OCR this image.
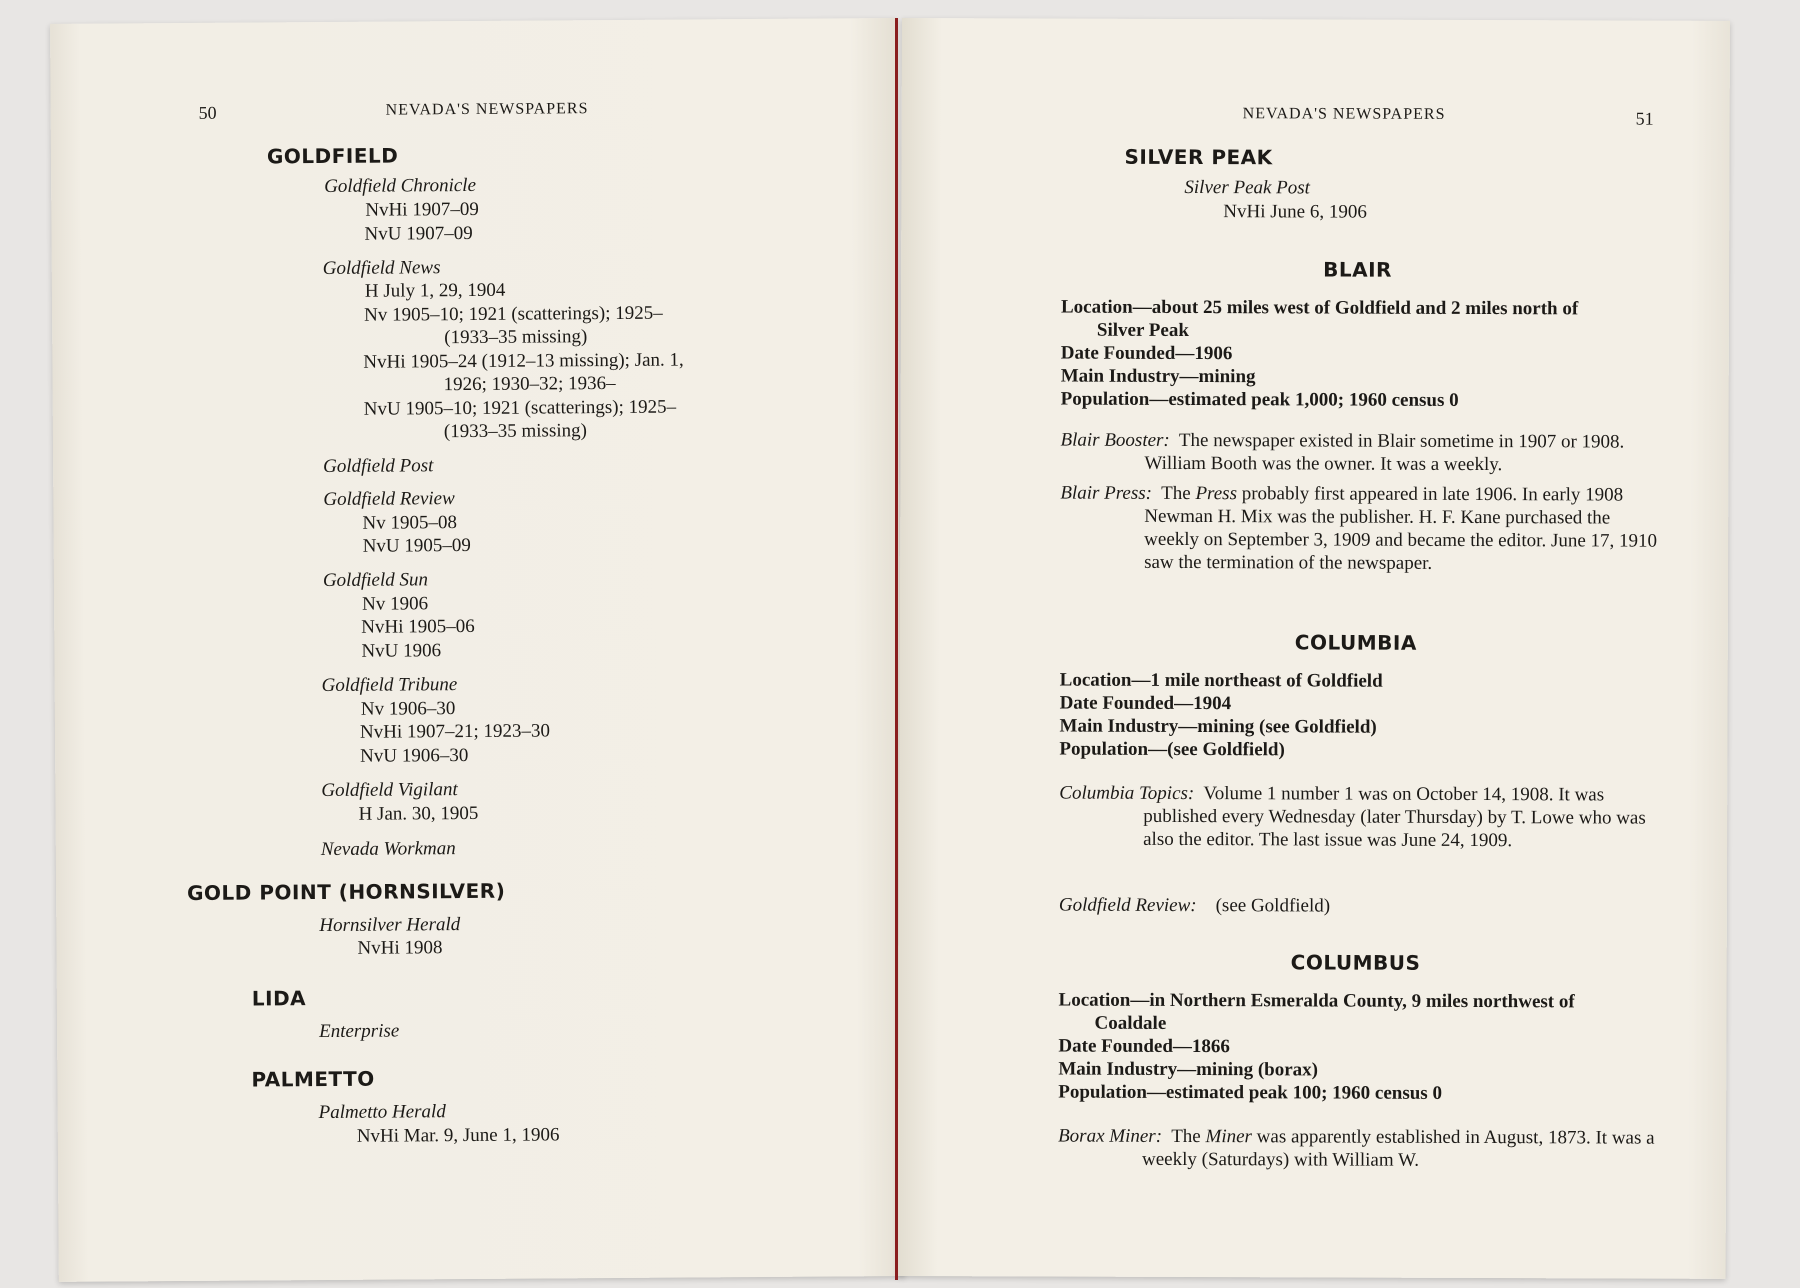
50	NEVADA'S NEWSPAPERS
GOLDFIELD
Goldfield Chronicle
NvHi 1907–09
NvU 1907–09
Goldfield News
H July 1, 29, 1904
Nv 1905–10; 1921 (scatterings); 1925–
(1933–35 missing)
NvHi 1905–24 (1912–13 missing); Jan. 1,
1926; 1930–32; 1936–
NvU 1905–10; 1921 (scatterings); 1925–
(1933–35 missing)
Goldfield Post
Goldfield Review
Nv 1905–08
NvU 1905–09
Goldfield Sun
Nv 1906
NvHi 1905–06
NvU 1906
Goldfield Tribune
Nv 1906–30
NvHi 1907–21; 1923–30
NvU 1906–30
Goldfield Vigilant
H Jan. 30, 1905
Nevada Workman
GOLD POINT (HORNSILVER)
Hornsilver Herald
NvHi 1908
LIDA
Enterprise
PALMETTO
Palmetto Herald
NvHi Mar. 9, June 1, 1906
NEVADA'S NEWSPAPERS	51
SILVER PEAK
Silver Peak Post
NvHi June 6, 1906
BLAIR
Location—about 25 miles west of Goldfield and 2 miles north of
Silver Peak
Date Founded—1906
Main Industry—mining
Population—estimated peak 1,000; 1960 census 0
Blair Booster: The newspaper existed in Blair sometime in 1907 or 1908. William Booth was the owner. It was a weekly.
Blair Press: The Press probably first appeared in late 1906. In early 1908 Newman H. Mix was the publisher. H. F. Kane purchased the weekly on September 3, 1909 and became the editor. June 17, 1910 saw the termination of the newspaper.
COLUMBIA
Location—1 mile northeast of Goldfield
Date Founded—1904
Main Industry—mining (see Goldfield)
Population—(see Goldfield)
Columbia Topics: Volume 1 number 1 was on October 14, 1908. It was published every Wednesday (later Thursday) by T. Lowe who was also the editor. The last issue was June 24, 1909.
Goldfield Review: (see Goldfield)
COLUMBUS
Location—in Northern Esmeralda County, 9 miles northwest of
Coaldale
Date Founded—1866
Main Industry—mining (borax)
Population—estimated peak 100; 1960 census 0
Borax Miner: The Miner was apparently established in August, 1873. It was a weekly (Saturdays) with William W.
